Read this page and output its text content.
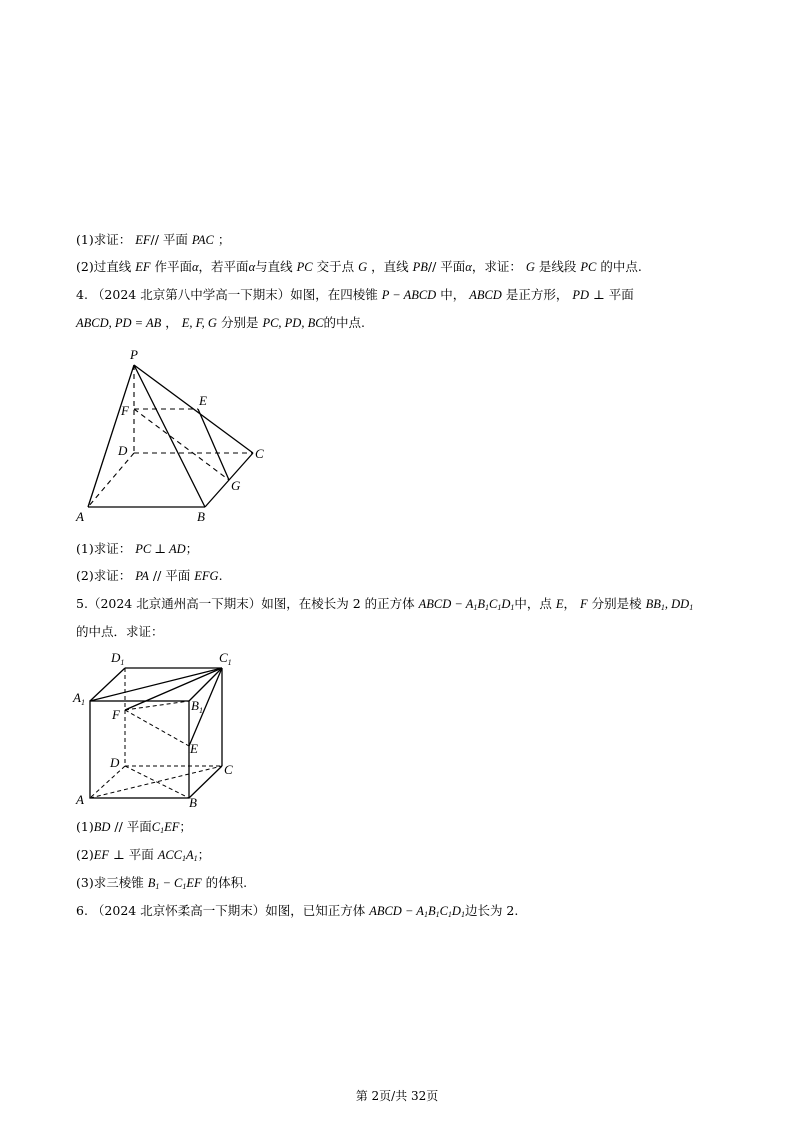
(1)求证： EF// 平面 PAC ；
(2)过直线 EF 作平面α，若平面α与直线 PC 交于点 G ，直线 PB// 平面α，求证： G 是线段 PC 的中点.
4. （2024 北京第八中学高一下期末）如图，在四棱锥 P − ABCD 中， ABCD 是正方形， PD ⊥ 平面
ABCD, PD = AB ， E, F, G 分别是 PC, PD, BC的中点.
P
E
F
D	C
G
A	B
(1)求证： PC ⊥ AD；
(2)求证： PA // 平面 EFG.
5.（2024 北京通州高一下期末）如图，在棱长为 2 的正方体 ABCD − $A_1B_1C_1D_1$中，点 E， F 分别是棱 $BB_1$, $DD_1$
的中点．求证：
$D_1$	$C_1$
$A_1$	$B_1$
F
E
D	C
A	B
(1)BD // 平面$C_1EF$；
(2)EF ⊥ 平面 $ACC_1A_1$；
(3)求三棱锥 $B_1 - C_1EF$ 的体积.
6. （2024 北京怀柔高一下期末）如图，已知正方体 ABCD − $A_1B_1C_1D_1$边长为 2.
第 2页/共 32页
